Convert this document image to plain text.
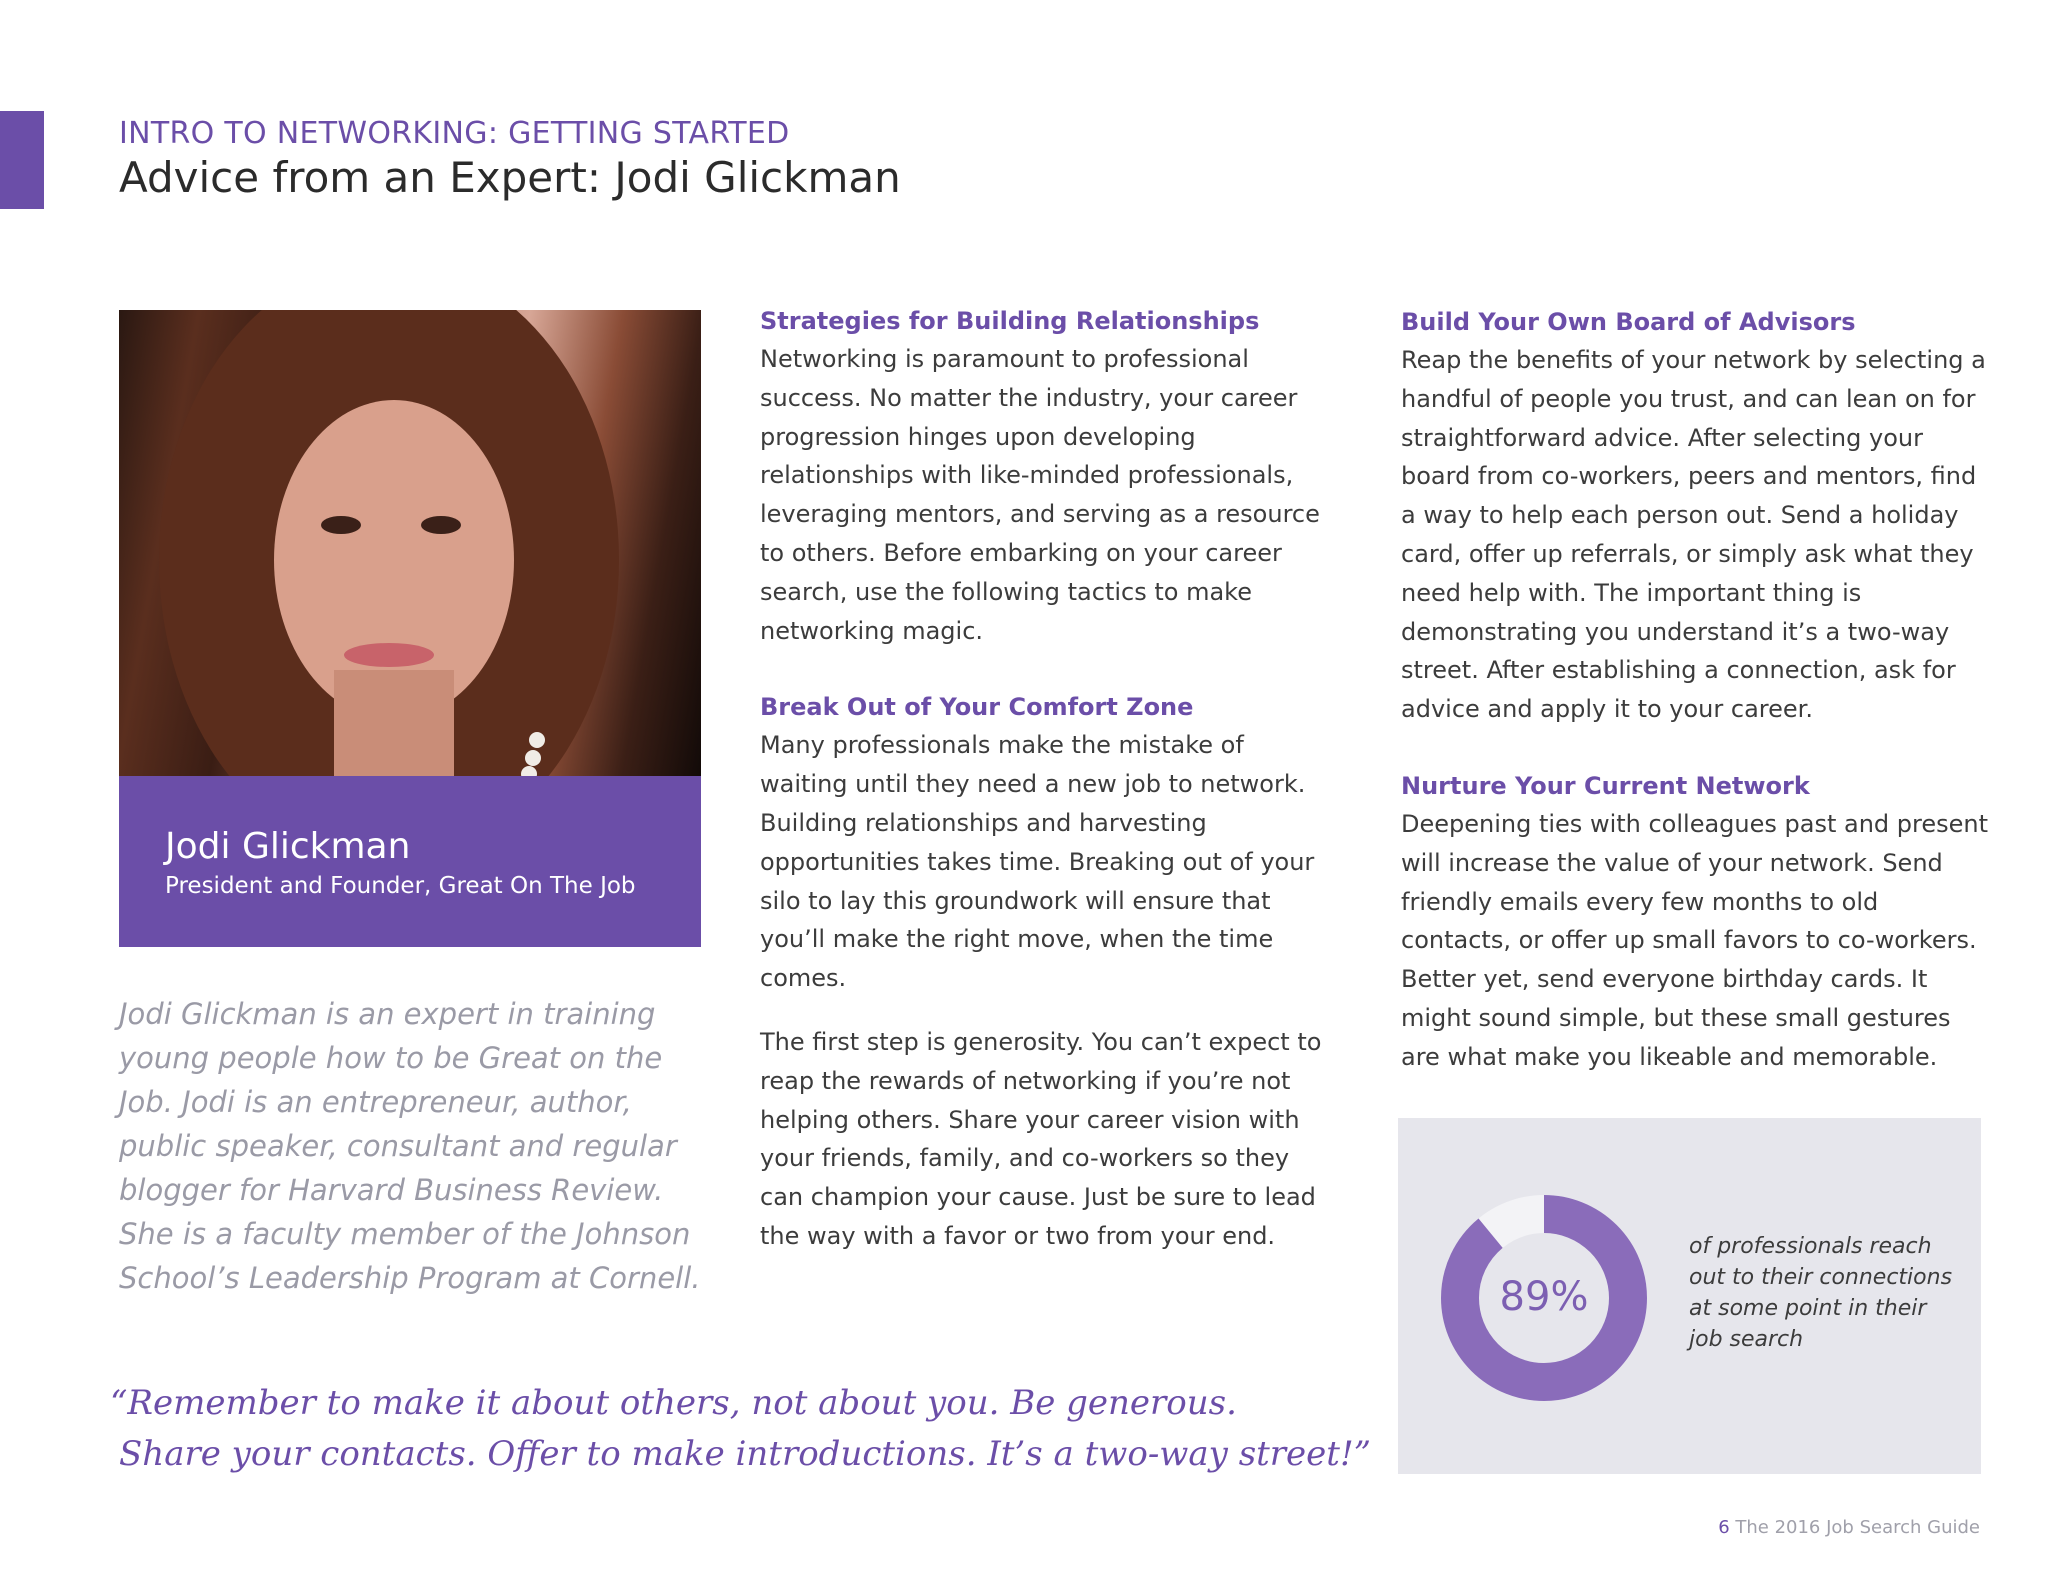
INTRO TO NETWORKING: GETTING STARTED
Advice from an Expert: Jodi Glickman
Jodi Glickman
President and Founder, Great On The Job
Jodi Glickman is an expert in training young people how to be Great on the Job. Jodi is an entrepreneur, author, public speaker, consultant and regular blogger for Harvard Business Review. She is a faculty member of the Johnson School’s Leadership Program at Cornell.
Strategies for Building Relationships

Networking is paramount to professional success. No matter the industry, your career progression hinges upon developing relationships with like-minded professionals, leveraging mentors, and serving as a resource to others. Before embarking on your career search, use the following tactics to make networking magic.

Break Out of Your Comfort Zone

Many professionals make the mistake of waiting until they need a new job to network. Building relationships and harvesting opportunities takes time. Breaking out of your silo to lay this groundwork will ensure that you’ll make the right move, when the time comes.

The first step is generosity. You can’t expect to reap the rewards of networking if you’re not helping others. Share your career vision with your friends, family, and co-workers so they can champion your cause. Just be sure to lead the way with a favor or two from your end.

Build Your Own Board of Advisors

Reap the benefits of your network by selecting a handful of people you trust, and can lean on for straightforward advice. After selecting your board from co-workers, peers and mentors, find a way to help each person out. Send a holiday card, offer up referrals, or simply ask what they need help with. The important thing is demonstrating you understand it’s a two-way street. After establishing a connection, ask for advice and apply it to your career.

Nurture Your Current Network

Deepening ties with colleagues past and present will increase the value of your network. Send friendly emails every few months to old contacts, or offer up small favors to co-workers. Better yet, send everyone birthday cards. It might sound simple, but these small gestures are what make you likeable and memorable.

89%
of professionals reach out to their connections at some point in their job search
“Remember to make it about others, not about you. Be generous.
Share your contacts. Offer to make introductions. It’s a two-way street!”
6 The 2016 Job Search Guide
